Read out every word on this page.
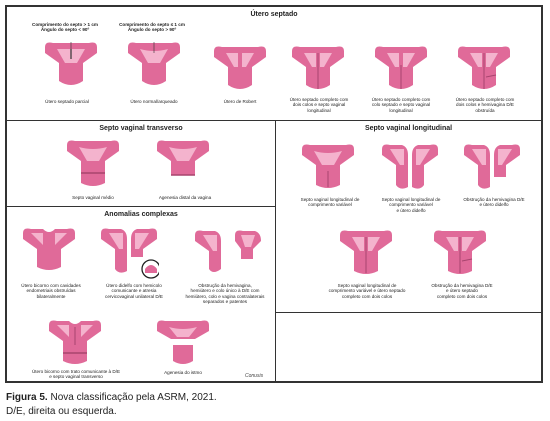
Útero septado
Comprimento do septo > 1 cm
Ângulo do septo < 90º
Comprimento do septo ≤ 1 cm
Ângulo do septo > 90º
Útero septado parcial	Útero normal/arqueado	Útero de Robert	Útero septado completo com
dois colos e septo vaginal
longitudinal
Útero septado completo com
colo septado e septo vaginal
longitudinal
Útero septado completo com
dois colos e hemivagina D/E
obstruída
Septo vaginal transverso
Septo vaginal médio	Agenesia distal da vagina
Septo vaginal longitudinal
Septo vaginal longitudinal de
comprimento variável
Septo vaginal longitudinal de
comprimento variável
e útero didelfo
Obstrução da hemivagina D/E
e útero didelfo
Septo vaginal longitudinal de
comprimento variável e útero septado
completo com dois colos
Obstrução da hemivagina D/E
e útero septado
completo com dois colos
Anomalias complexas
Útero bicorno com cavidades
endometriais obstruídas
bilateralmente
Útero didelfo com hemicolo
comunicante e atresia
cervicovaginal unilateral D/E
Obstrução da hemivagina,
hemiútero e colo único à D/E com
hemiútero, colo e vagina contralaterais
separados e patentes
Útero bicorno com trato comunicante à D/E
e septo vaginal transverso
Agenesia do istmo
Conusis
Figura 5. Nova classificação pela ASRM, 2021.
D/E, direita ou esquerda.
